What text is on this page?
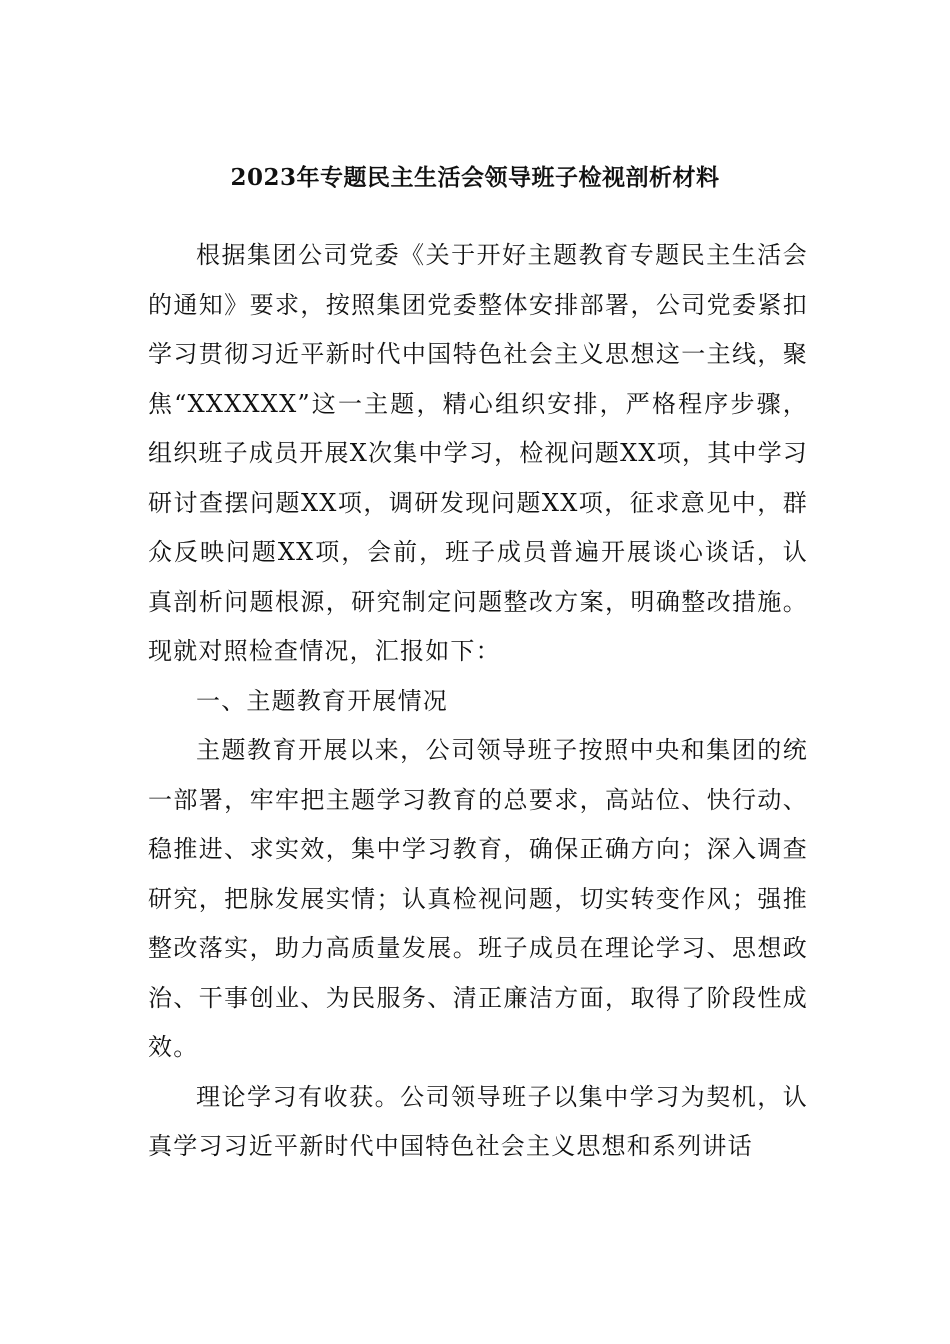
2023年专题民主生活会领导班子检视剖析材料

根据集团公司党委《关于开好主题教育专题民主生活会的通知》要求，按照集团党委整体安排部署，公司党委紧扣学习贯彻习近平新时代中国特色社会主义思想这一主线，聚焦“XXXXXX”这一主题，精心组织安排，严格程序步骤，组织班子成员开展X次集中学习，检视问题XX项，其中学习研讨查摆问题XX项，调研发现问题XX项，征求意见中，群众反映问题XX项，会前，班子成员普遍开展谈心谈话，认真剖析问题根源，研究制定问题整改方案，明确整改措施。现就对照检查情况，汇报如下：

一、主题教育开展情况

主题教育开展以来，公司领导班子按照中央和集团的统一部署，牢牢把主题学习教育的总要求，高站位、快行动、稳推进、求实效，集中学习教育，确保正确方向；深入调查研究，把脉发展实情；认真检视问题，切实转变作风；强推整改落实，助力高质量发展。班子成员在理论学习、思想政治、干事创业、为民服务、清正廉洁方面，取得了阶段性成效。

理论学习有收获。公司领导班子以集中学习为契机，认真学习习近平新时代中国特色社会主义思想和系列讲话
